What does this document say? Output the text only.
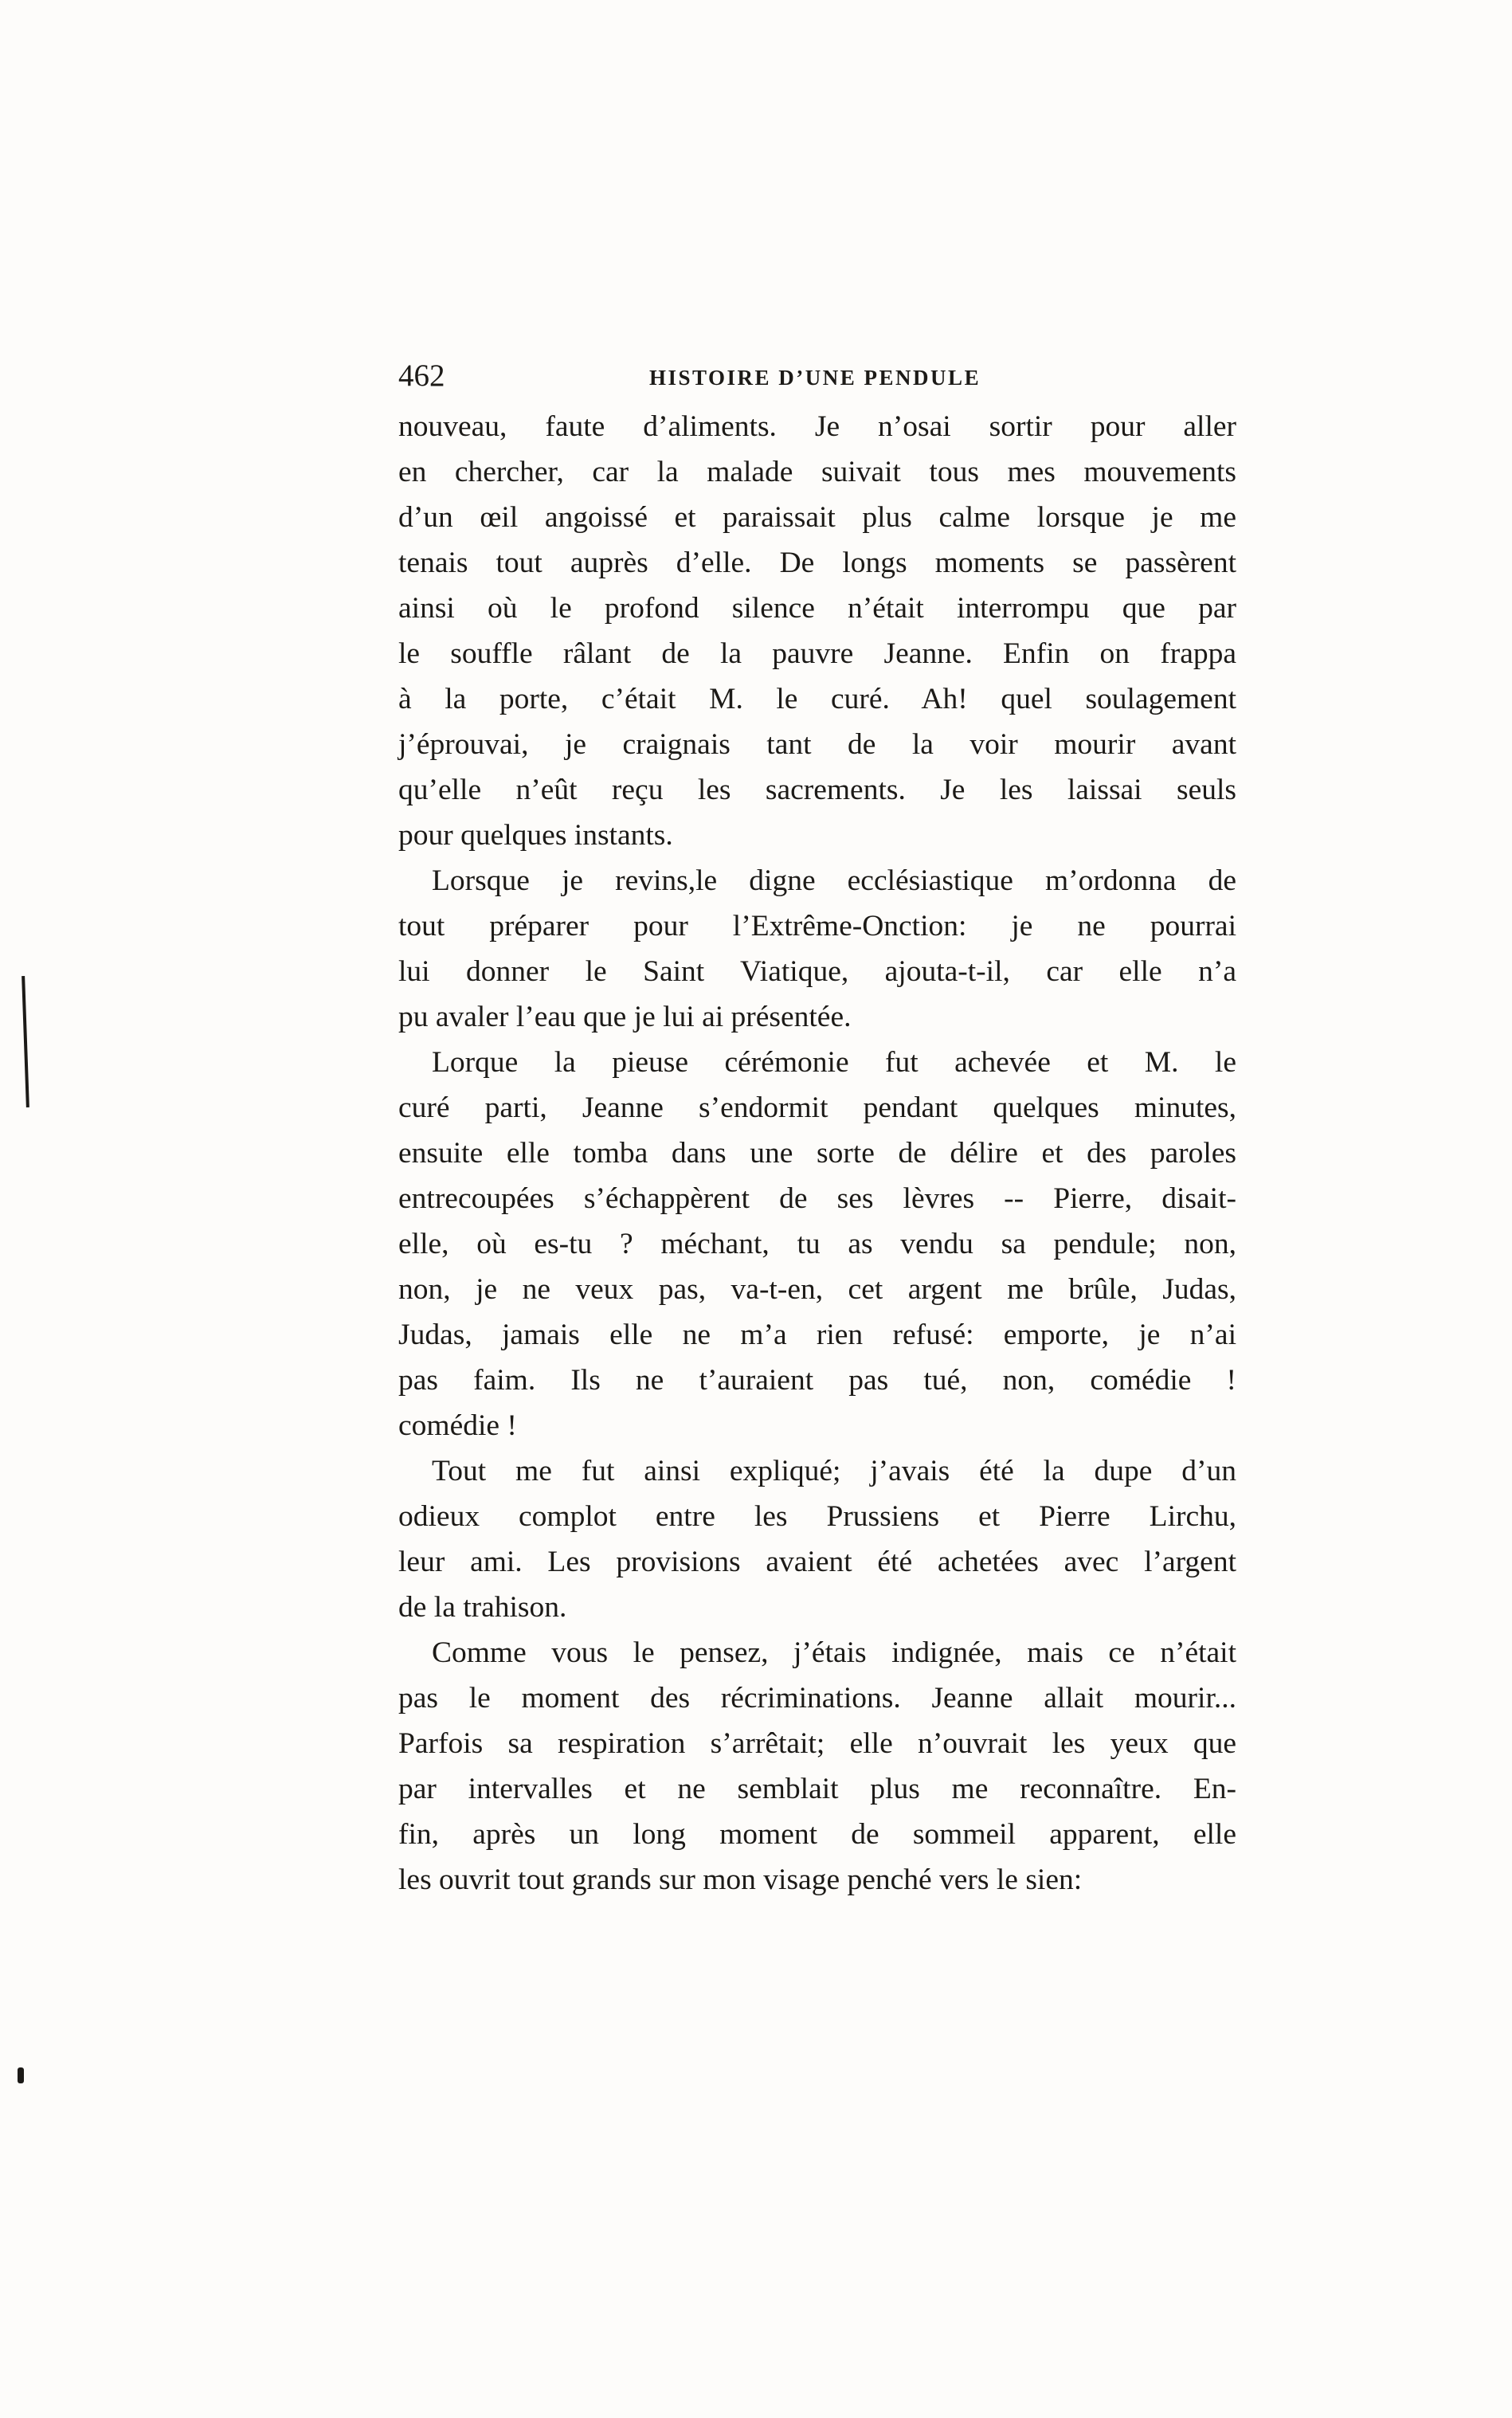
462	HISTOIRE D’UNE PENDULE
nouveau, faute d’aliments. Je n’osai sortir pour aller
en chercher, car la malade suivait tous mes mouvements
d’un œil angoissé et paraissait plus calme lorsque je me
tenais tout auprès d’elle. De longs moments se passèrent
ainsi où le profond silence n’était interrompu que par
le souffle râlant de la pauvre Jeanne. Enfin on frappa
à la porte, c’était M. le curé. Ah! quel soulagement
j’éprouvai, je craignais tant de la voir mourir avant
qu’elle n’eût reçu les sacrements. Je les laissai seuls
pour quelques instants.
Lorsque je revins,le digne ecclésiastique m’ordonna de
tout préparer pour l’Extrême-Onction: je ne pourrai
lui donner le Saint Viatique, ajouta-t-il, car elle n’a
pu avaler l’eau que je lui ai présentée.
Lorque la pieuse cérémonie fut achevée et M. le
curé parti, Jeanne s’endormit pendant quelques minutes,
ensuite elle tomba dans une sorte de délire et des paroles
entrecoupées s’échappèrent de ses lèvres -- Pierre, disait-
elle, où es-tu ? méchant, tu as vendu sa pendule; non,
non, je ne veux pas, va-t-en, cet argent me brûle, Judas,
Judas, jamais elle ne m’a rien refusé: emporte, je n’ai
pas faim. Ils ne t’auraient pas tué, non, comédie !
comédie !
Tout me fut ainsi expliqué; j’avais été la dupe d’un
odieux complot entre les Prussiens et Pierre Lirchu,
leur ami. Les provisions avaient été achetées avec l’argent
de la trahison.
Comme vous le pensez, j’étais indignée, mais ce n’était
pas le moment des récriminations. Jeanne allait mourir...
Parfois sa respiration s’arrêtait; elle n’ouvrait les yeux que
par intervalles et ne semblait plus me reconnaître. En-
fin, après un long moment de sommeil apparent, elle
les ouvrit tout grands sur mon visage penché vers le sien:
